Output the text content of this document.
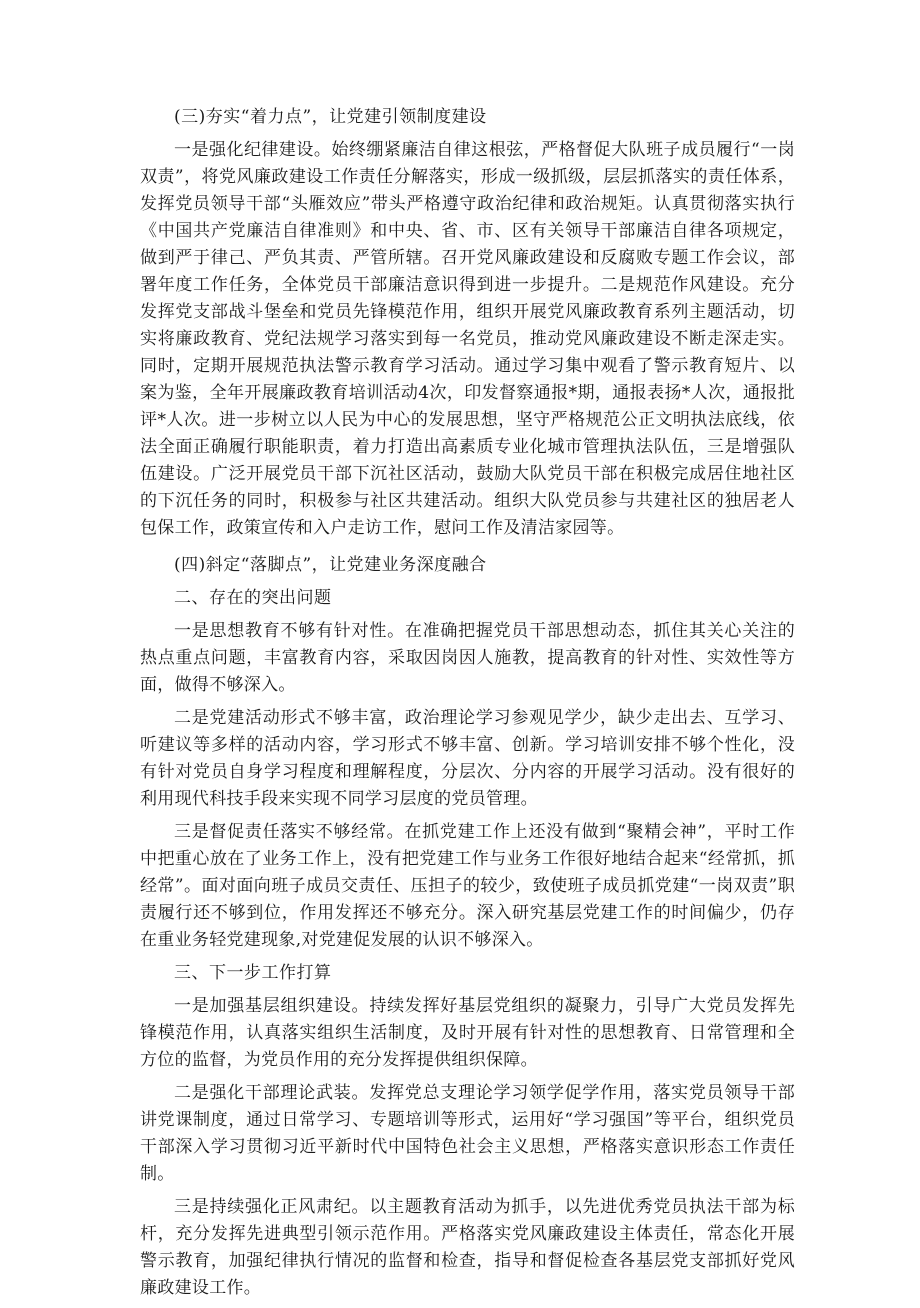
(三)夯实“着力点”，让党建引领制度建设

一是强化纪律建设。始终绷紧廉洁自律这根弦，严格督促大队班子成员履行“一岗双责”，将党风廉政建设工作责任分解落实，形成一级抓级，层层抓落实的责任体系，发挥党员领导干部“头雁效应”带头严格遵守政治纪律和政治规矩。认真贯彻落实执行《中国共产党廉洁自律准则》和中央、省、市、区有关领导干部廉洁自律各项规定，做到严于律己、严负其责、严管所辖。召开党风廉政建设和反腐败专题工作会议，部署年度工作任务，全体党员干部廉洁意识得到进一步提升。二是规范作风建设。充分发挥党支部战斗堡垒和党员先锋模范作用，组织开展党风廉政教育系列主题活动，切实将廉政教育、党纪法规学习落实到每一名党员，推动党风廉政建设不断走深走实。同时，定期开展规范执法警示教育学习活动。通过学习集中观看了警示教育短片、以案为鉴，全年开展廉政教育培训活动4次，印发督察通报*期，通报表扬*人次，通报批评*人次。进一步树立以人民为中心的发展思想，坚守严格规范公正文明执法底线，依法全面正确履行职能职责，着力打造出高素质专业化城市管理执法队伍，三是增强队伍建设。广泛开展党员干部下沉社区活动，鼓励大队党员干部在积极完成居住地社区的下沉任务的同时，积极参与社区共建活动。组织大队党员参与共建社区的独居老人包保工作，政策宣传和入户走访工作，慰问工作及清洁家园等。

(四)斜定“落脚点”，让党建业务深度融合

二、存在的突出问题

一是思想教育不够有针对性。在准确把握党员干部思想动态，抓住其关心关注的热点重点问题，丰富教育内容，采取因岗因人施教，提高教育的针对性、实效性等方面，做得不够深入。

二是党建活动形式不够丰富，政治理论学习参观见学少，缺少走出去、互学习、听建议等多样的活动内容，学习形式不够丰富、创新。学习培训安排不够个性化，没有针对党员自身学习程度和理解程度，分层次、分内容的开展学习活动。没有很好的利用现代科技手段来实现不同学习层度的党员管理。

三是督促责任落实不够经常。在抓党建工作上还没有做到“聚精会神”，平时工作中把重心放在了业务工作上，没有把党建工作与业务工作很好地结合起来“经常抓，抓经常”。面对面向班子成员交责任、压担子的较少，致使班子成员抓党建“一岗双责”职责履行还不够到位，作用发挥还不够充分。深入研究基层党建工作的时间偏少，仍存在重业务轻党建现象,对党建促发展的认识不够深入。

三、下一步工作打算

一是加强基层组织建设。持续发挥好基层党组织的凝聚力，引导广大党员发挥先锋模范作用，认真落实组织生活制度，及时开展有针对性的思想教育、日常管理和全方位的监督，为党员作用的充分发挥提供组织保障。

二是强化干部理论武装。发挥党总支理论学习领学促学作用，落实党员领导干部讲党课制度，通过日常学习、专题培训等形式，运用好“学习强国”等平台，组织党员干部深入学习贯彻习近平新时代中国特色社会主义思想，严格落实意识形态工作责任制。

三是持续强化正风肃纪。以主题教育活动为抓手，以先进优秀党员执法干部为标杆，充分发挥先进典型引领示范作用。严格落实党风廉政建设主体责任，常态化开展警示教育，加强纪律执行情况的监督和检查，指导和督促检查各基层党支部抓好党风廉政建设工作。
